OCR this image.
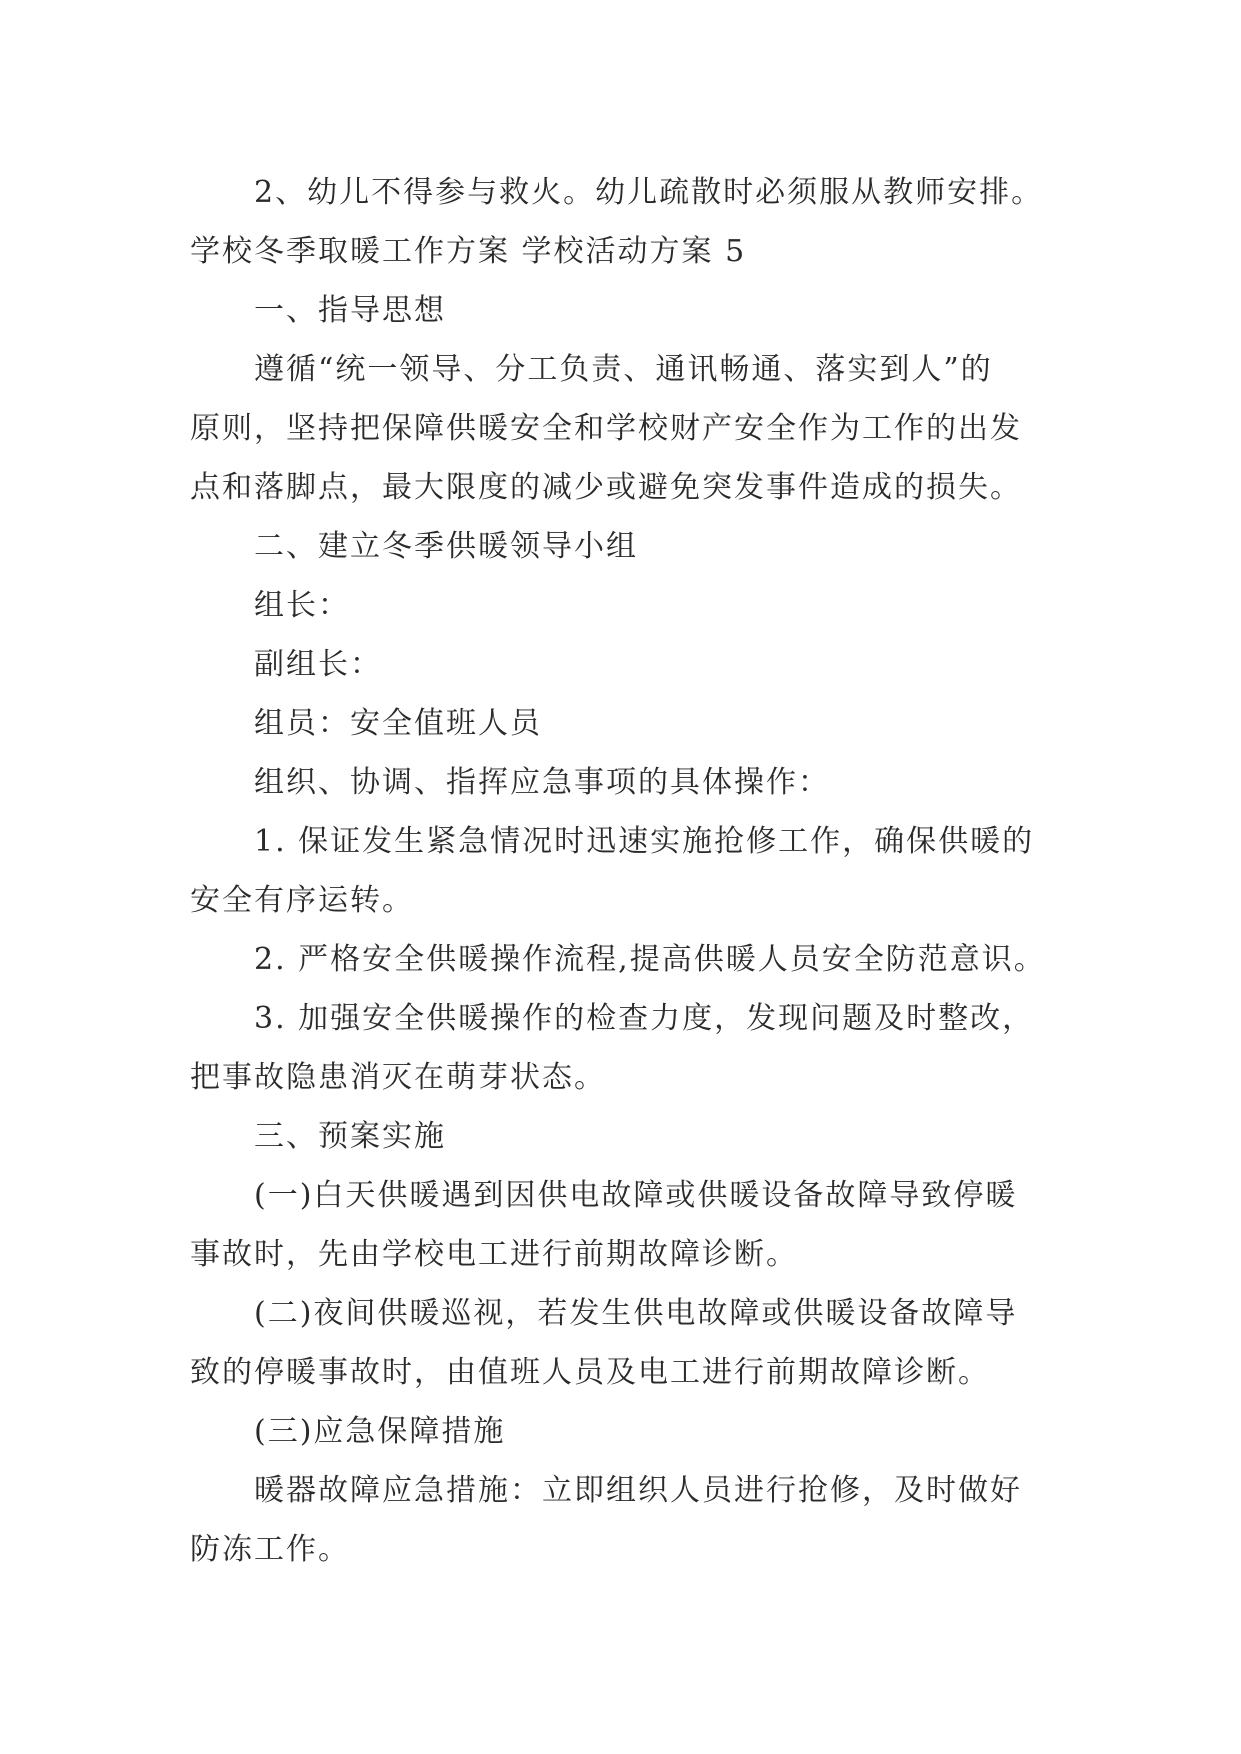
2、幼儿不得参与救火。幼儿疏散时必须服从教师安排。
学校冬季取暖工作方案 学校活动方案 5
一、指导思想
遵循“统一领导、分工负责、通讯畅通、落实到人”的
原则，坚持把保障供暖安全和学校财产安全作为工作的出发
点和落脚点，最大限度的减少或避免突发事件造成的损失。
二、建立冬季供暖领导小组
组长：
副组长：
组员：安全值班人员
组织、协调、指挥应急事项的具体操作：
1. 保证发生紧急情况时迅速实施抢修工作，确保供暖的
安全有序运转。
2. 严格安全供暖操作流程,提高供暖人员安全防范意识。
3. 加强安全供暖操作的检查力度，发现问题及时整改，
把事故隐患消灭在萌芽状态。
三、预案实施
(一)白天供暖遇到因供电故障或供暖设备故障导致停暖
事故时，先由学校电工进行前期故障诊断。
(二)夜间供暖巡视，若发生供电故障或供暖设备故障导
致的停暖事故时，由值班人员及电工进行前期故障诊断。
(三)应急保障措施
暖器故障应急措施：立即组织人员进行抢修，及时做好
防冻工作。
